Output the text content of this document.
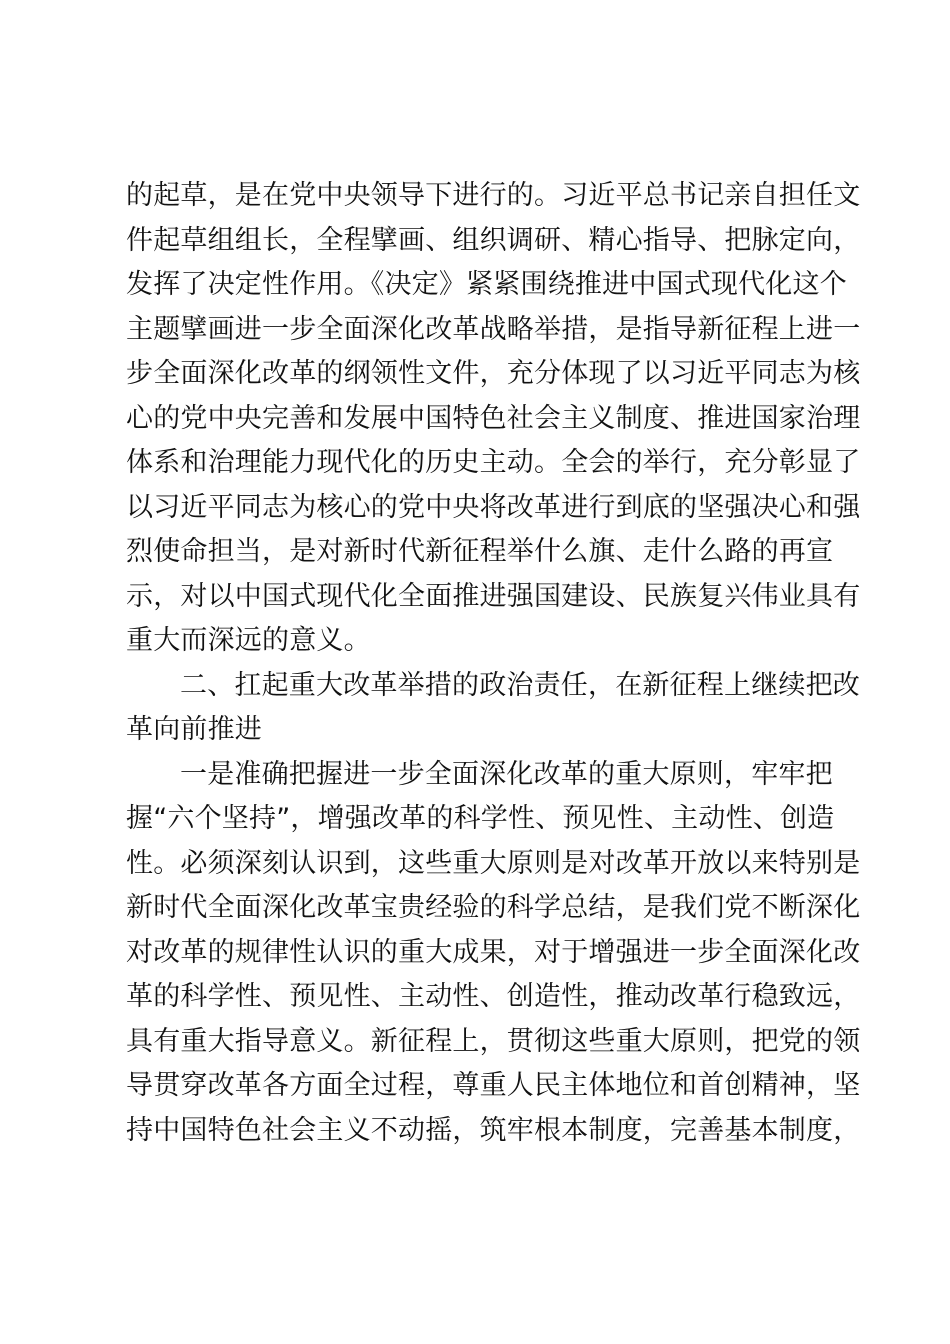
的起草，是在党中央领导下进行的。习近平总书记亲自担任文
件起草组组长，全程擘画、组织调研、精心指导、把脉定向，
发挥了决定性作用。《决定》紧紧围绕推进中国式现代化这个
主题擘画进一步全面深化改革战略举措，是指导新征程上进一
步全面深化改革的纲领性文件，充分体现了以习近平同志为核
心的党中央完善和发展中国特色社会主义制度、推进国家治理
体系和治理能力现代化的历史主动。全会的举行，充分彰显了
以习近平同志为核心的党中央将改革进行到底的坚强决心和强
烈使命担当，是对新时代新征程举什么旗、走什么路的再宣
示，对以中国式现代化全面推进强国建设、民族复兴伟业具有
重大而深远的意义。
二、扛起重大改革举措的政治责任，在新征程上继续把改
革向前推进
一是准确把握进一步全面深化改革的重大原则，牢牢把
握“六个坚持”，增强改革的科学性、预见性、主动性、创造
性。必须深刻认识到，这些重大原则是对改革开放以来特别是
新时代全面深化改革宝贵经验的科学总结，是我们党不断深化
对改革的规律性认识的重大成果，对于增强进一步全面深化改
革的科学性、预见性、主动性、创造性，推动改革行稳致远，
具有重大指导意义。新征程上，贯彻这些重大原则，把党的领
导贯穿改革各方面全过程，尊重人民主体地位和首创精神，坚
持中国特色社会主义不动摇，筑牢根本制度，完善基本制度，
